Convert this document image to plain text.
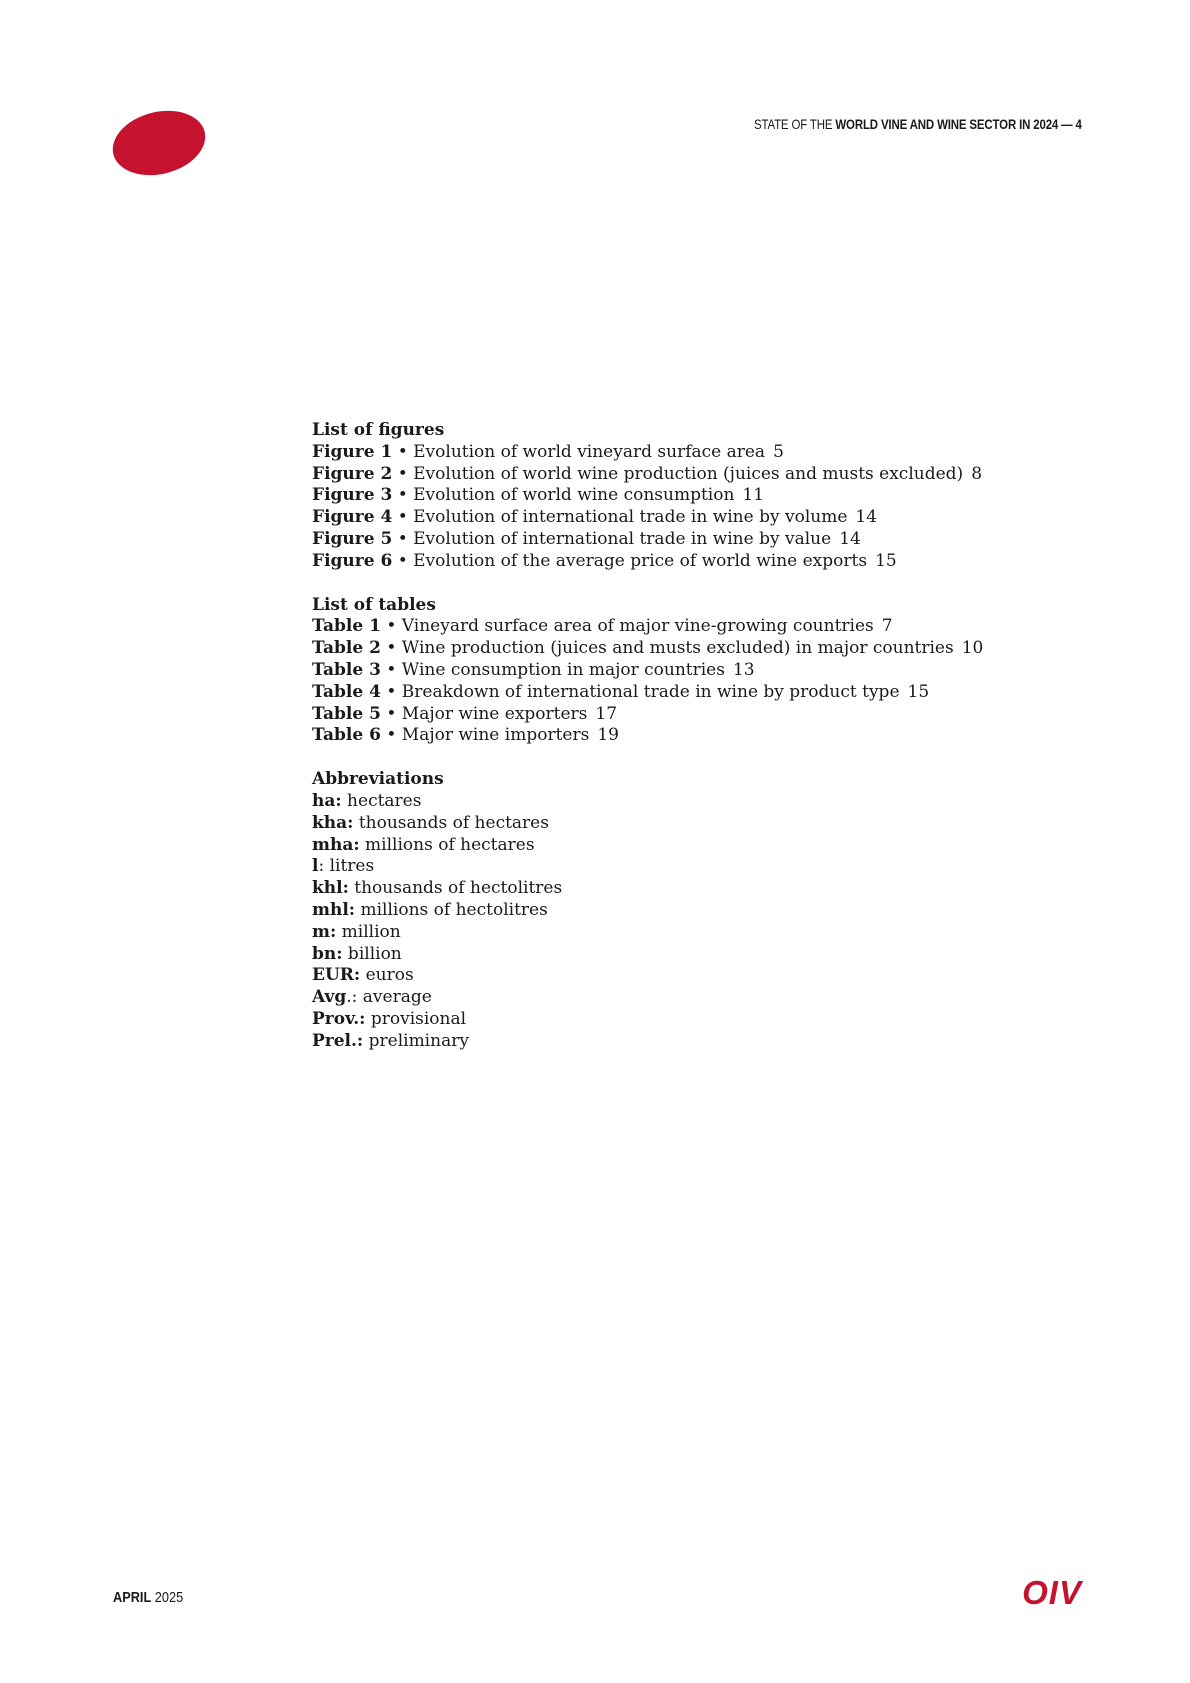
STATE OF THE WORLD VINE AND WINE SECTOR IN 2024 — 4
List of figures
Figure 1 • Evolution of world vineyard surface area 5
Figure 2 • Evolution of world wine production (juices and musts excluded) 8
Figure 3 • Evolution of world wine consumption 11
Figure 4 • Evolution of international trade in wine by volume 14
Figure 5 • Evolution of international trade in wine by value 14
Figure 6 • Evolution of the average price of world wine exports 15
List of tables
Table 1 • Vineyard surface area of major vine-growing countries 7
Table 2 • Wine production (juices and musts excluded) in major countries 10
Table 3 • Wine consumption in major countries 13
Table 4 • Breakdown of international trade in wine by product type 15
Table 5 • Major wine exporters 17
Table 6 • Major wine importers 19
Abbreviations
ha: hectares
kha: thousands of hectares
mha: millions of hectares
l: litres
khl: thousands of hectolitres
mhl: millions of hectolitres
m: million
bn: billion
EUR: euros
Avg.: average
Prov.: provisional
Prel.: preliminary
APRIL 2025	OIV
